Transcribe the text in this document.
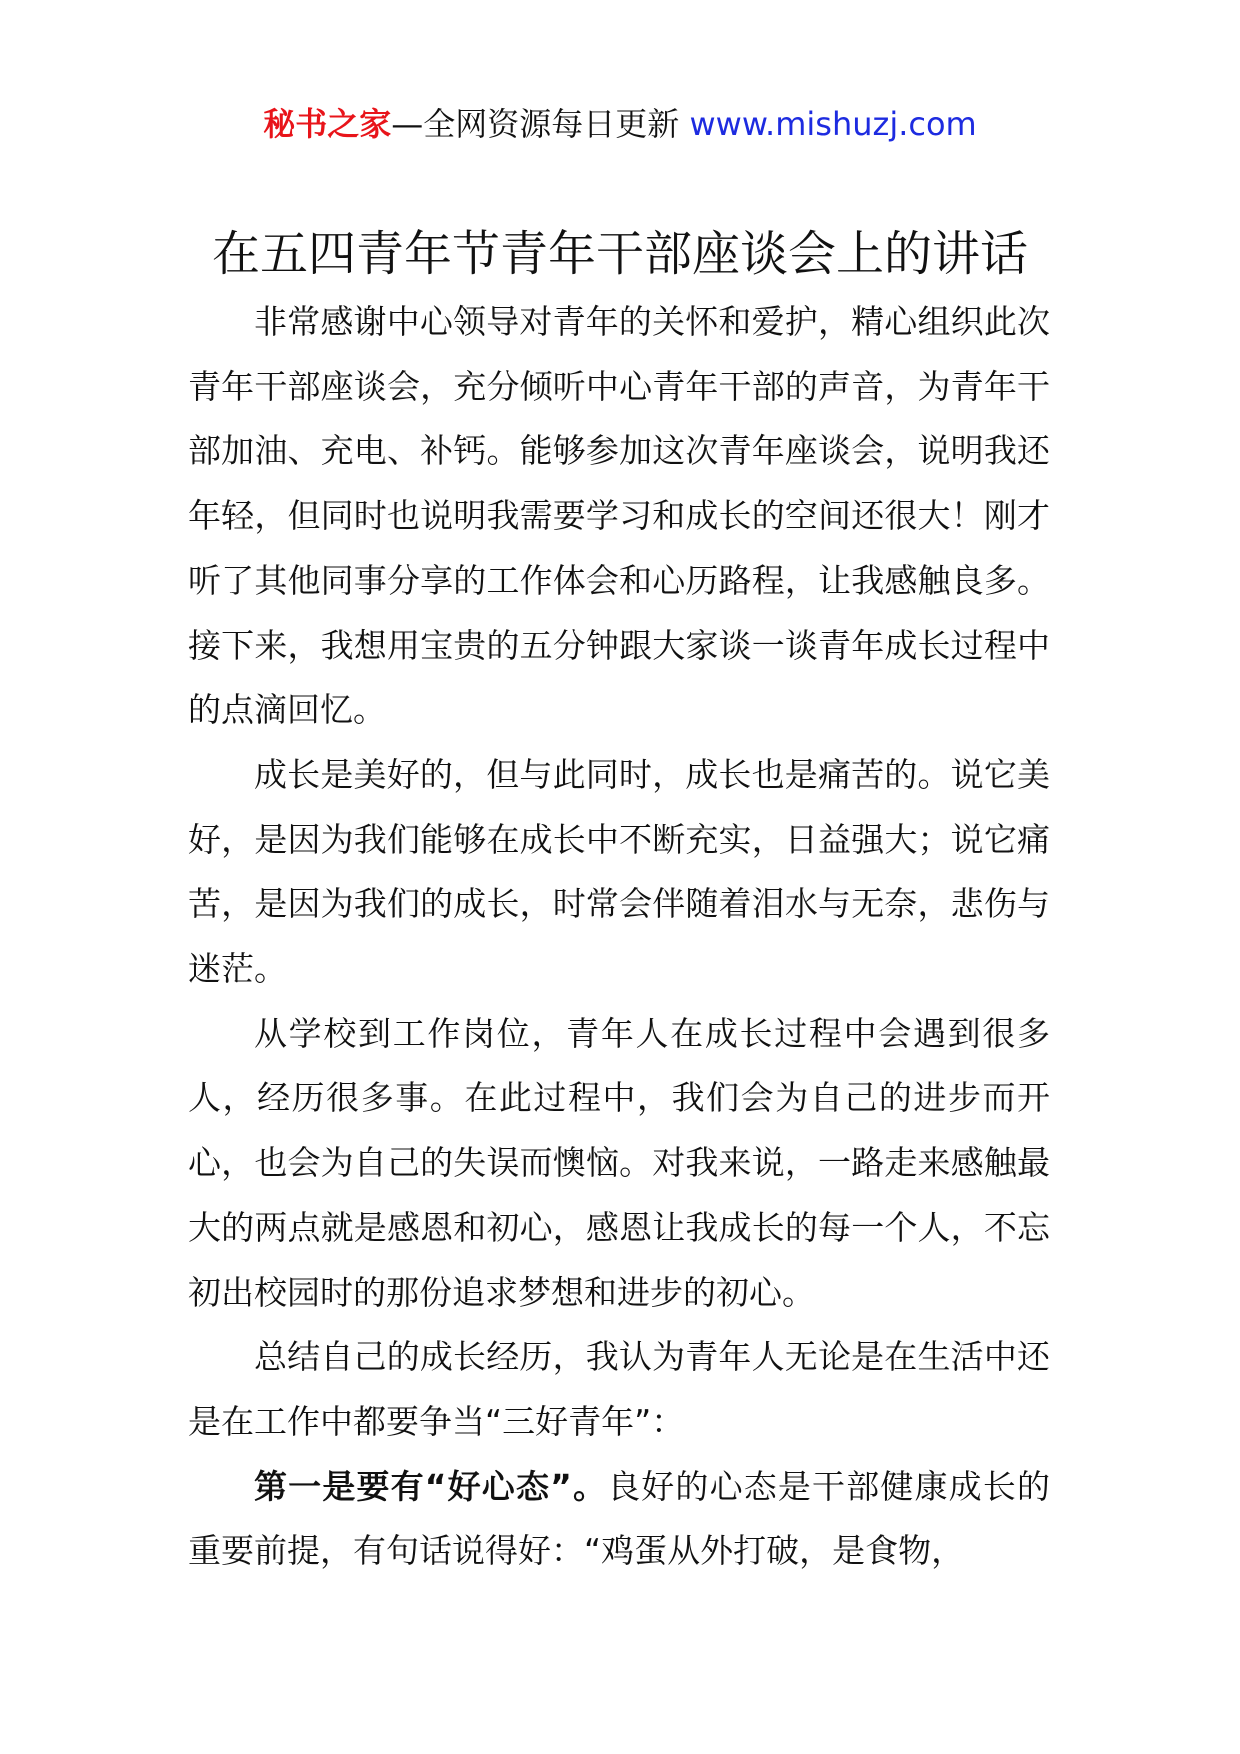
秘书之家—全网资源每日更新 www.mishuzj.com
在五四青年节青年干部座谈会上的讲话

非常感谢中心领导对青年的关怀和爱护，精心组织此次青年干部座谈会，充分倾听中心青年干部的声音，为青年干部加油、充电、补钙。能够参加这次青年座谈会，说明我还年轻，但同时也说明我需要学习和成长的空间还很大！刚才听了其他同事分享的工作体会和心历路程，让我感触良多。接下来，我想用宝贵的五分钟跟大家谈一谈青年成长过程中的点滴回忆。

成长是美好的，但与此同时，成长也是痛苦的。说它美好，是因为我们能够在成长中不断充实，日益强大；说它痛苦，是因为我们的成长，时常会伴随着泪水与无奈，悲伤与迷茫。

从学校到工作岗位，青年人在成长过程中会遇到很多人，经历很多事。在此过程中，我们会为自己的进步而开心，也会为自己的失误而懊恼。对我来说，一路走来感触最大的两点就是感恩和初心，感恩让我成长的每一个人，不忘初出校园时的那份追求梦想和进步的初心。

总结自己的成长经历，我认为青年人无论是在生活中还是在工作中都要争当“三好青年”：

第一是要有“好心态”。良好的心态是干部健康成长的重要前提，有句话说得好：“鸡蛋从外打破，是食物，
